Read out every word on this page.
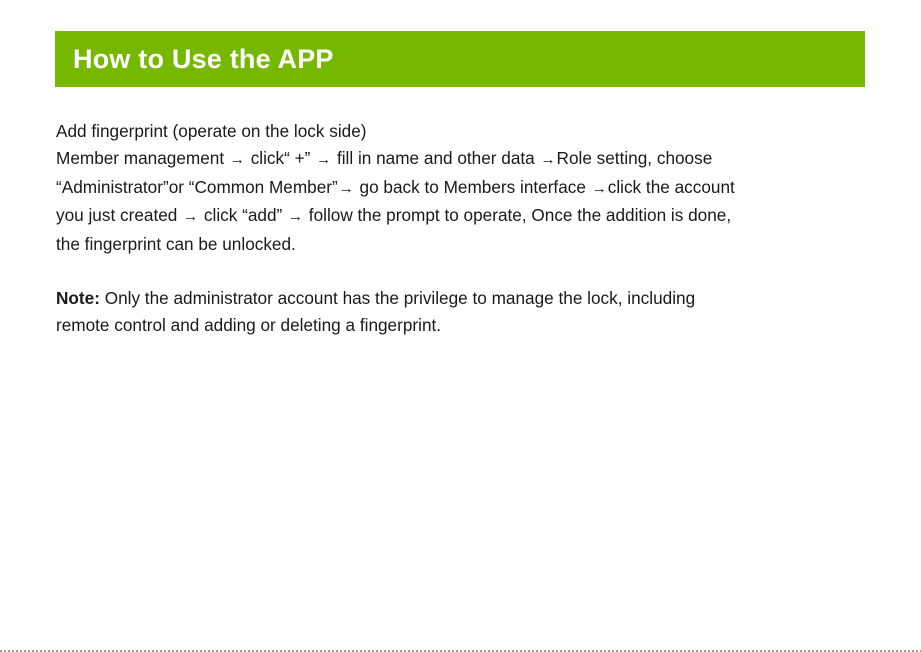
How to Use the APP
Add fingerprint (operate on the lock side)
Member management → click“ +” → fill in name and other data →Role setting, choose
“Administrator”or “Common Member”→ go back to Members interface →click the account
you just created → click “add” → follow the prompt to operate, Once the addition is done,
the fingerprint can be unlocked.
Note: Only the administrator account has the privilege to manage the lock, including
remote control and adding or deleting a fingerprint.
